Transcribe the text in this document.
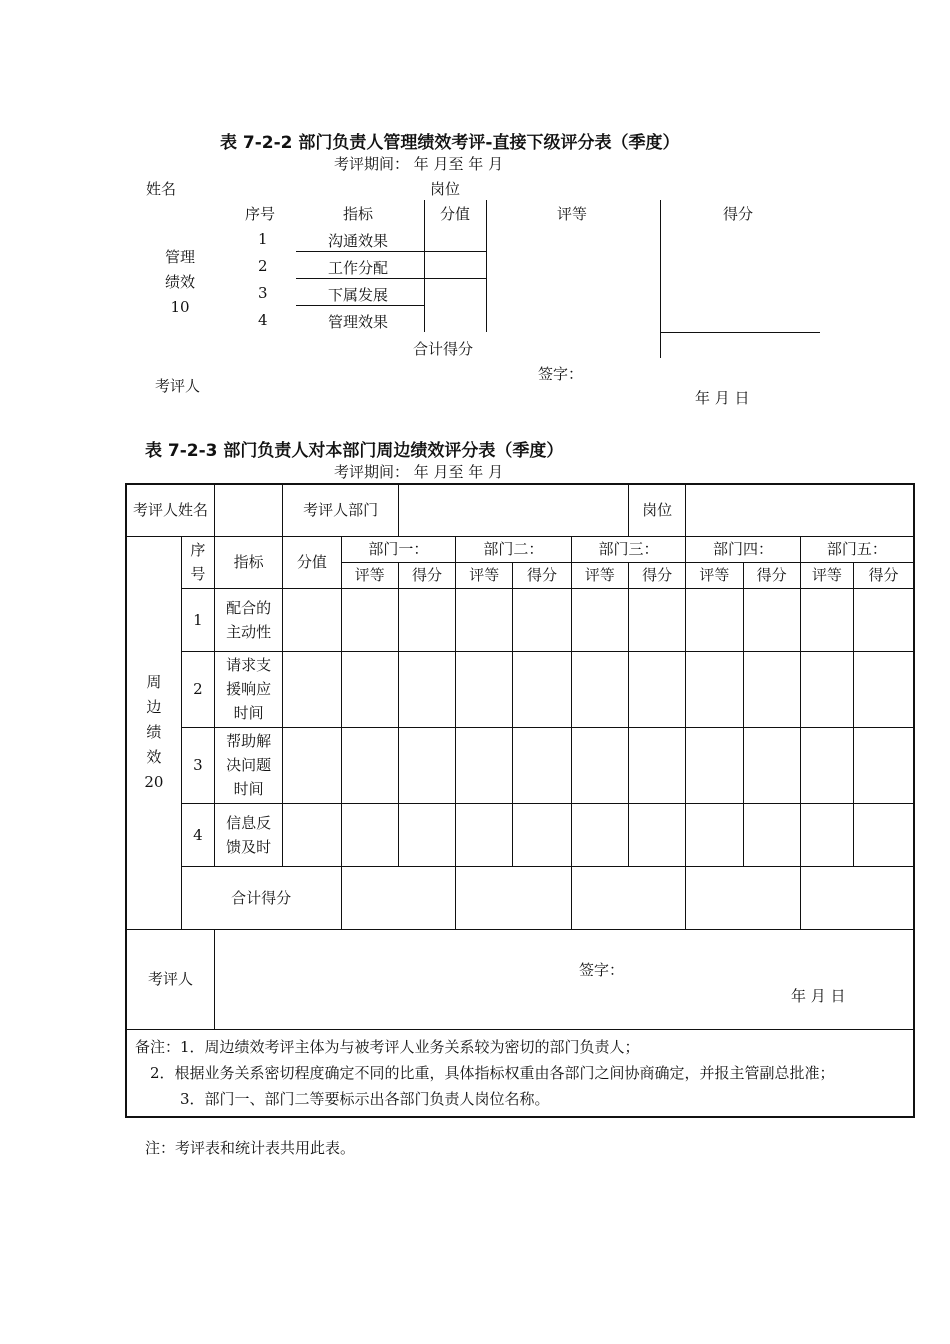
表 7-2-2 部门负责人管理绩效考评-直接下级评分表（季度）
考评期间： 年 月至 年 月
姓名	岗位
序号	指标	分值	评等	得分
管理
绩效
10
1	沟通效果
2	工作分配
3	下属发展
4	管理效果
合计得分
签字：
考评人
年 月 日
表 7-2-3 部门负责人对本部门周边绩效评分表（季度）
考评期间： 年 月至 年 月
考评人姓名			考评人部门						岗位				

周边绩效20	序号	指标	分值	部门一：		部门二：		部门三：		部门四：		部门五：	
				评等	得分	评等	得分	评等	得分	评等	得分	评等	得分
	1	配合的主动性											

	2	请求支援响应时间											

	3	帮助解决问题时间											

	4	信息反馈及时											

	合计得分												
考评人		签字：
年 月 日											

备注：1．周边绩效考评主体为与被考评人业务关系较为密切的部门负责人；
　2．根据业务关系密切程度确定不同的比重，具体指标权重由各部门之间协商确定，并报主管副总批准；
　　　3．部门一、部门二等要标示出各部门负责人岗位名称。													
注：考评表和统计表共用此表。
